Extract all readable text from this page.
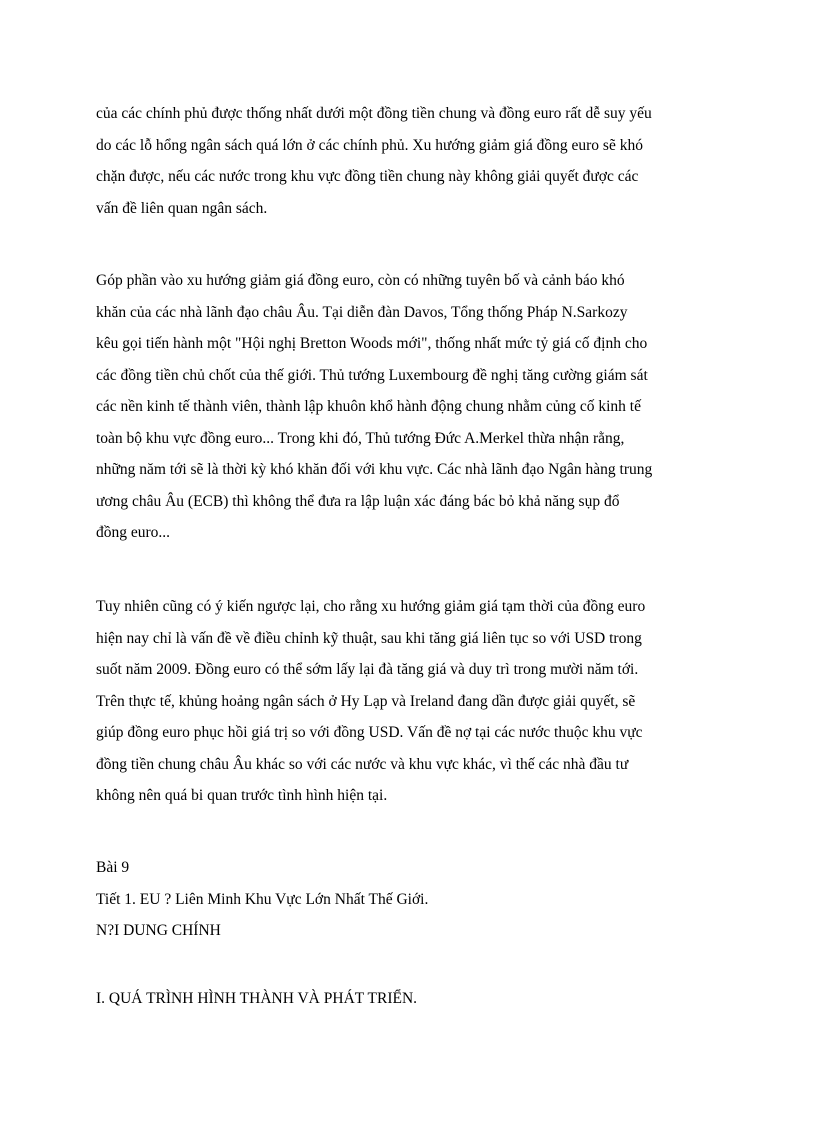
của các chính phủ được thống nhất dưới một đồng tiền chung và đồng euro rất dễ suy yếu
do các lỗ hổng ngân sách quá lớn ở các chính phủ. Xu hướng giảm giá đồng euro sẽ khó
chặn được, nếu các nước trong khu vực đồng tiền chung này không giải quyết được các
vấn đề liên quan ngân sách.

Góp phần vào xu hướng giảm giá đồng euro, còn có những tuyên bố và cảnh báo khó
khăn của các nhà lãnh đạo châu Âu. Tại diễn đàn Davos, Tổng thống Pháp N.Sarkozy
kêu gọi tiến hành một "Hội nghị Bretton Woods mới", thống nhất mức tỷ giá cố định cho
các đồng tiền chủ chốt của thế giới. Thủ tướng Luxembourg đề nghị tăng cường giám sát
các nền kinh tế thành viên, thành lập khuôn khổ hành động chung nhằm củng cố kinh tế
toàn bộ khu vực đồng euro... Trong khi đó, Thủ tướng Đức A.Merkel thừa nhận rằng,
những năm tới sẽ là thời kỳ khó khăn đối với khu vực. Các nhà lãnh đạo Ngân hàng trung
ương châu Âu (ECB) thì không thể đưa ra lập luận xác đáng bác bỏ khả năng sụp đổ
đồng euro...

Tuy nhiên cũng có ý kiến ngược lại, cho rằng xu hướng giảm giá tạm thời của đồng euro
hiện nay chỉ là vấn đề về điều chỉnh kỹ thuật, sau khi tăng giá liên tục so với USD trong
suốt năm 2009. Đồng euro có thể sớm lấy lại đà tăng giá và duy trì trong mười năm tới.
Trên thực tế, khủng hoảng ngân sách ở Hy Lạp và Ireland đang dần được giải quyết, sẽ
giúp đồng euro phục hồi giá trị so với đồng USD. Vấn đề nợ tại các nước thuộc khu vực
đồng tiền chung châu Âu khác so với các nước và khu vực khác, vì thế các nhà đầu tư
không nên quá bi quan trước tình hình hiện tại.

Bài 9
Tiết 1. EU ? Liên Minh Khu Vực Lớn Nhất Thế Giới.
N?I DUNG CHÍNH
I. QUÁ TRÌNH HÌNH THÀNH VÀ PHÁT TRIỂN.
